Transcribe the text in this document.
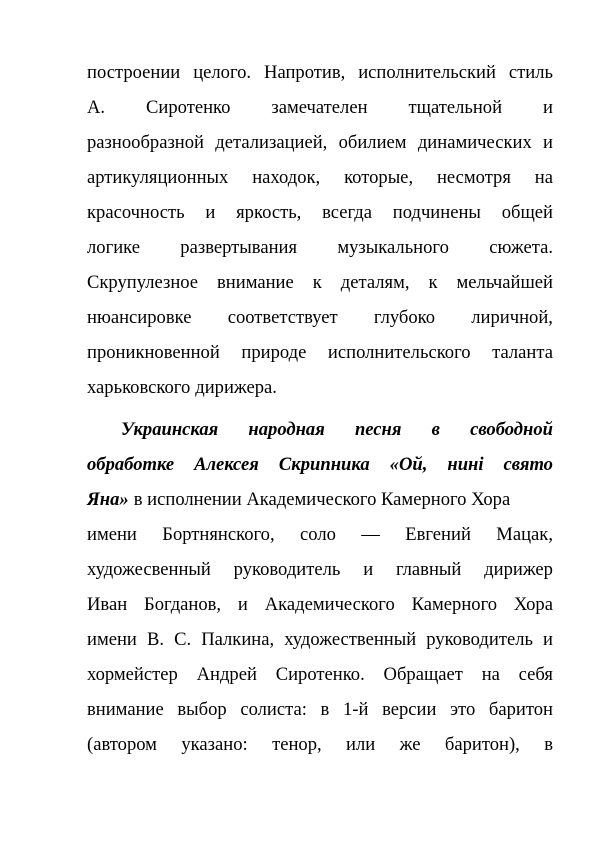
построении целого. Напротив, исполнительский стиль
А. Сиротенко замечателен тщательной и
разнообразной детализацией, обилием динамических и
артикуляционных находок, которые, несмотря на
красочность и яркость, всегда подчинены общей
логике развертывания музыкального сюжета.
Скрупулезное внимание к деталям, к мельчайшей
нюансировке соответствует глубоко лиричной,
проникновенной природе исполнительского таланта
харьковского дирижера.
Украинская народная песня в свободной
обработке Алексея Скрипника «Ой, нині свято
Яна» в исполнении Академического Камерного Хора
имени Бортнянского, соло — Евгений Мацак,
художесвенный руководитель и главный дирижер
Иван Богданов, и Академического Камерного Хора
имени В. С. Палкина, художественный руководитель и
хормейстер Андрей Сиротенко. Обращает на себя
внимание выбор солиста: в 1-й версии это баритон
(автором указано: тенор, или же баритон), в
